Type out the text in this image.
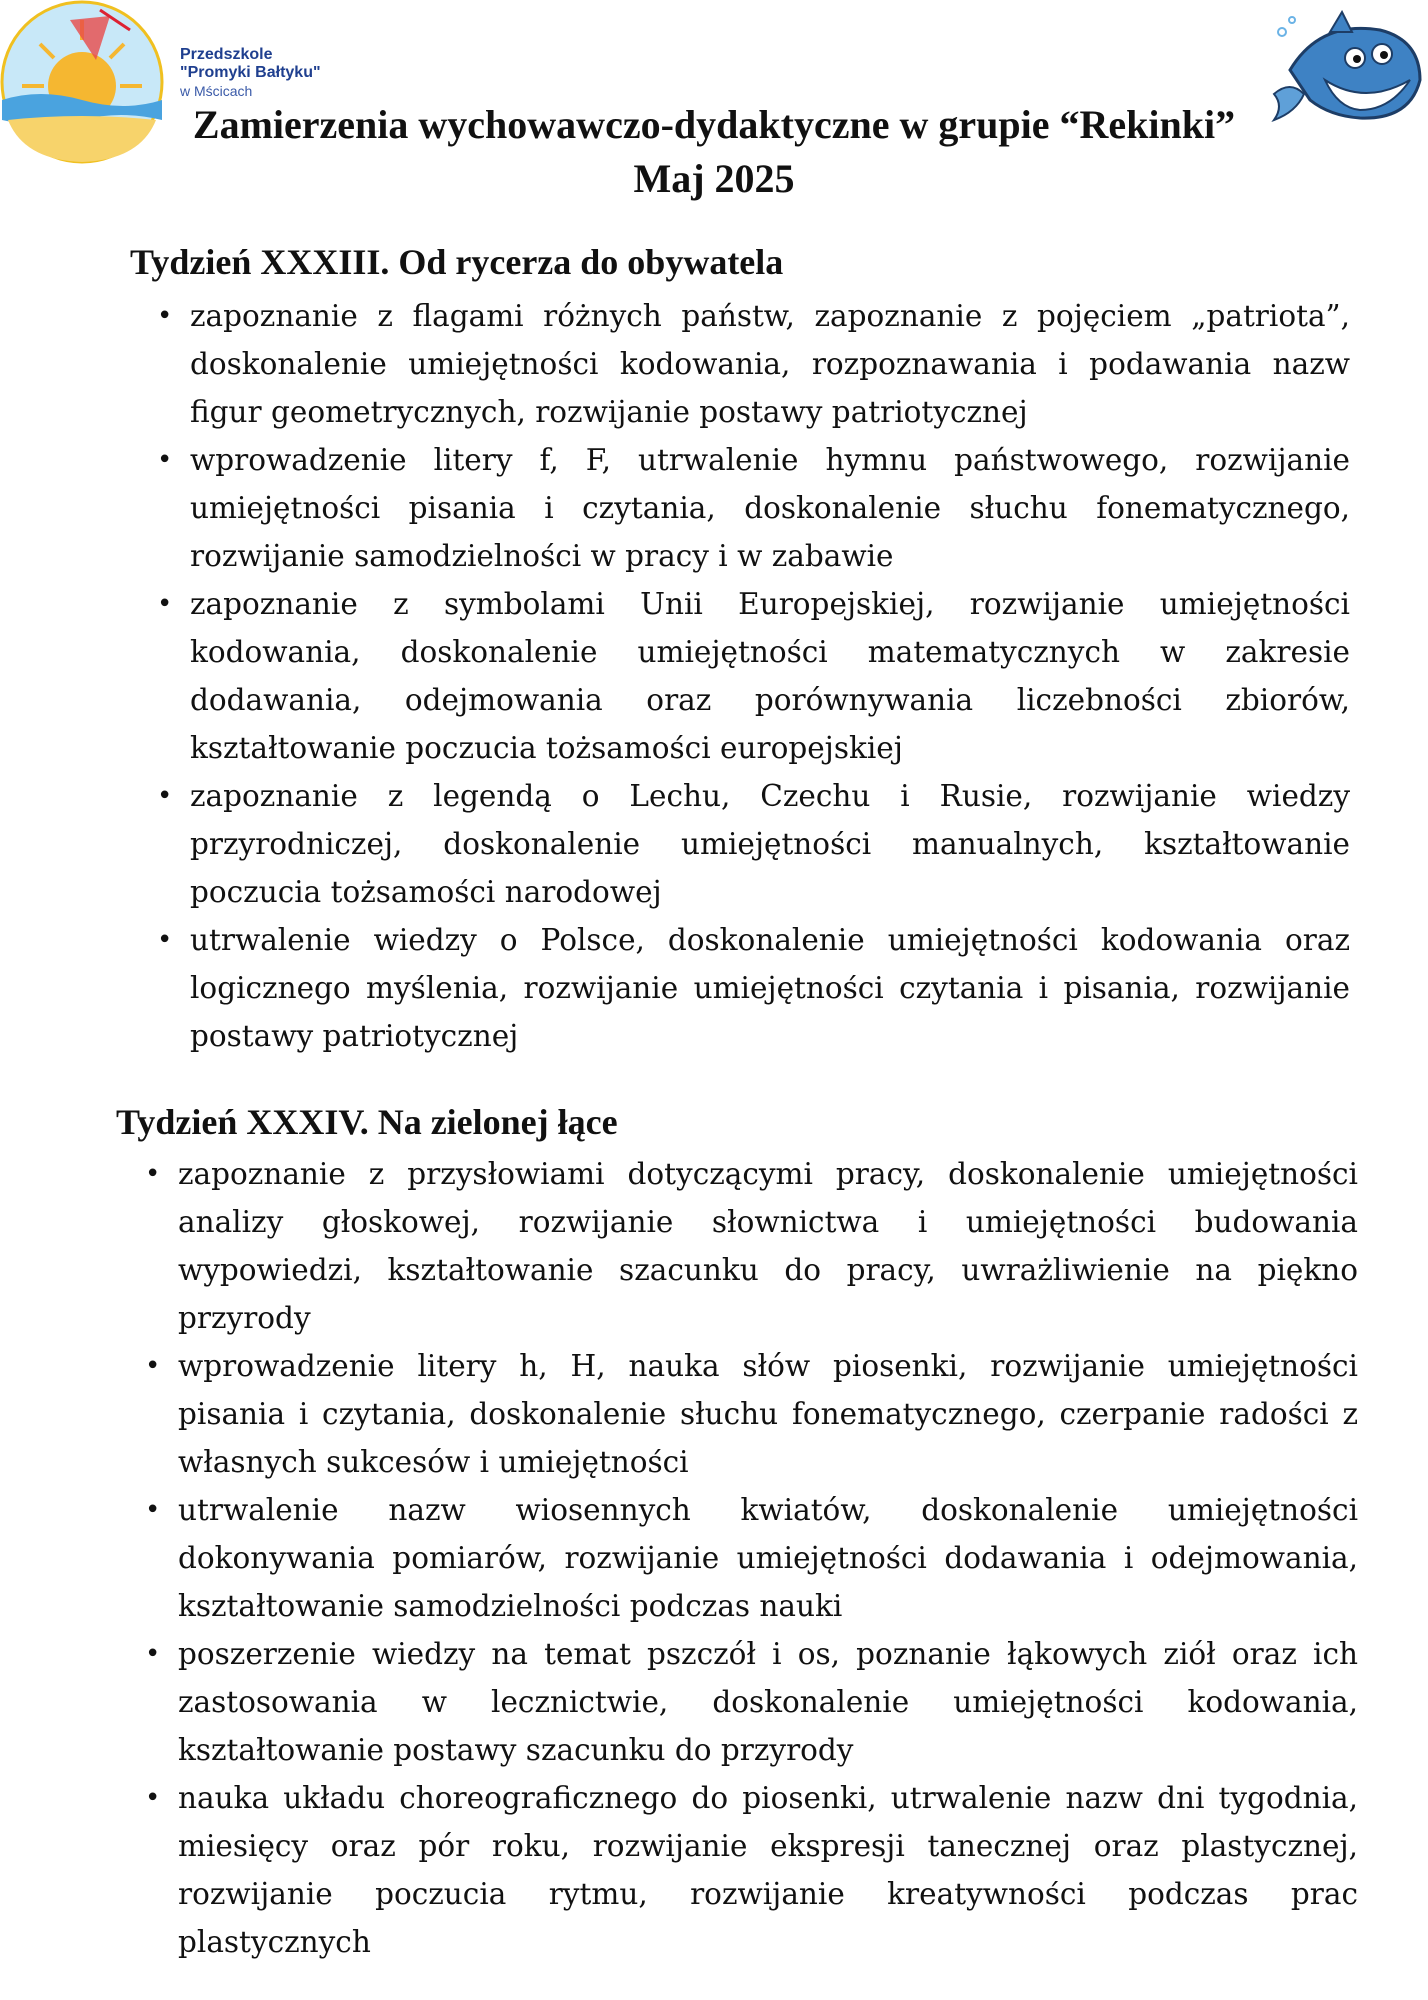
Przedszkole
"Promyki Bałtyku"
w Mścicach
Zamierzenia wychowawczo-dydaktyczne w grupie “Rekinki”
Maj 2025
Tydzień XXXIII. Od rycerza do obywatela
• zapoznanie z flagami różnych państw, zapoznanie z pojęciem „patriota”, doskonalenie umiejętności kodowania, rozpoznawania i podawania nazw figur geometrycznych, rozwijanie postawy patriotycznej
• wprowadzenie litery f, F, utrwalenie hymnu państwowego, rozwijanie umiejętności pisania i czytania, doskonalenie słuchu fonematycznego, rozwijanie samodzielności w pracy i w zabawie
• zapoznanie z symbolami Unii Europejskiej, rozwijanie umiejętności kodowania, doskonalenie umiejętności matematycznych w zakresie dodawania, odejmowania oraz porównywania liczebności zbiorów, kształtowanie poczucia tożsamości europejskiej
• zapoznanie z legendą o Lechu, Czechu i Rusie, rozwijanie wiedzy przyrodniczej, doskonalenie umiejętności manualnych, kształtowanie poczucia tożsamości narodowej
• utrwalenie wiedzy o Polsce, doskonalenie umiejętności kodowania oraz logicznego myślenia, rozwijanie umiejętności czytania i pisania, rozwijanie postawy patriotycznej
Tydzień XXXIV. Na zielonej łące
• zapoznanie z przysłowiami dotyczącymi pracy, doskonalenie umiejętności analizy głoskowej, rozwijanie słownictwa i umiejętności budowania wypowiedzi, kształtowanie szacunku do pracy, uwrażliwienie na piękno przyrody
• wprowadzenie litery h, H, nauka słów piosenki, rozwijanie umiejętności pisania i czytania, doskonalenie słuchu fonematycznego, czerpanie radości z własnych sukcesów i umiejętności
• utrwalenie nazw wiosennych kwiatów, doskonalenie umiejętności dokonywania pomiarów, rozwijanie umiejętności dodawania i odejmowania, kształtowanie samodzielności podczas nauki
• poszerzenie wiedzy na temat pszczół i os, poznanie łąkowych ziół oraz ich zastosowania w lecznictwie, doskonalenie umiejętności kodowania, kształtowanie postawy szacunku do przyrody
• nauka układu choreograficznego do piosenki, utrwalenie nazw dni tygodnia, miesięcy oraz pór roku, rozwijanie ekspresji tanecznej oraz plastycznej, rozwijanie poczucia rytmu, rozwijanie kreatywności podczas prac plastycznych
